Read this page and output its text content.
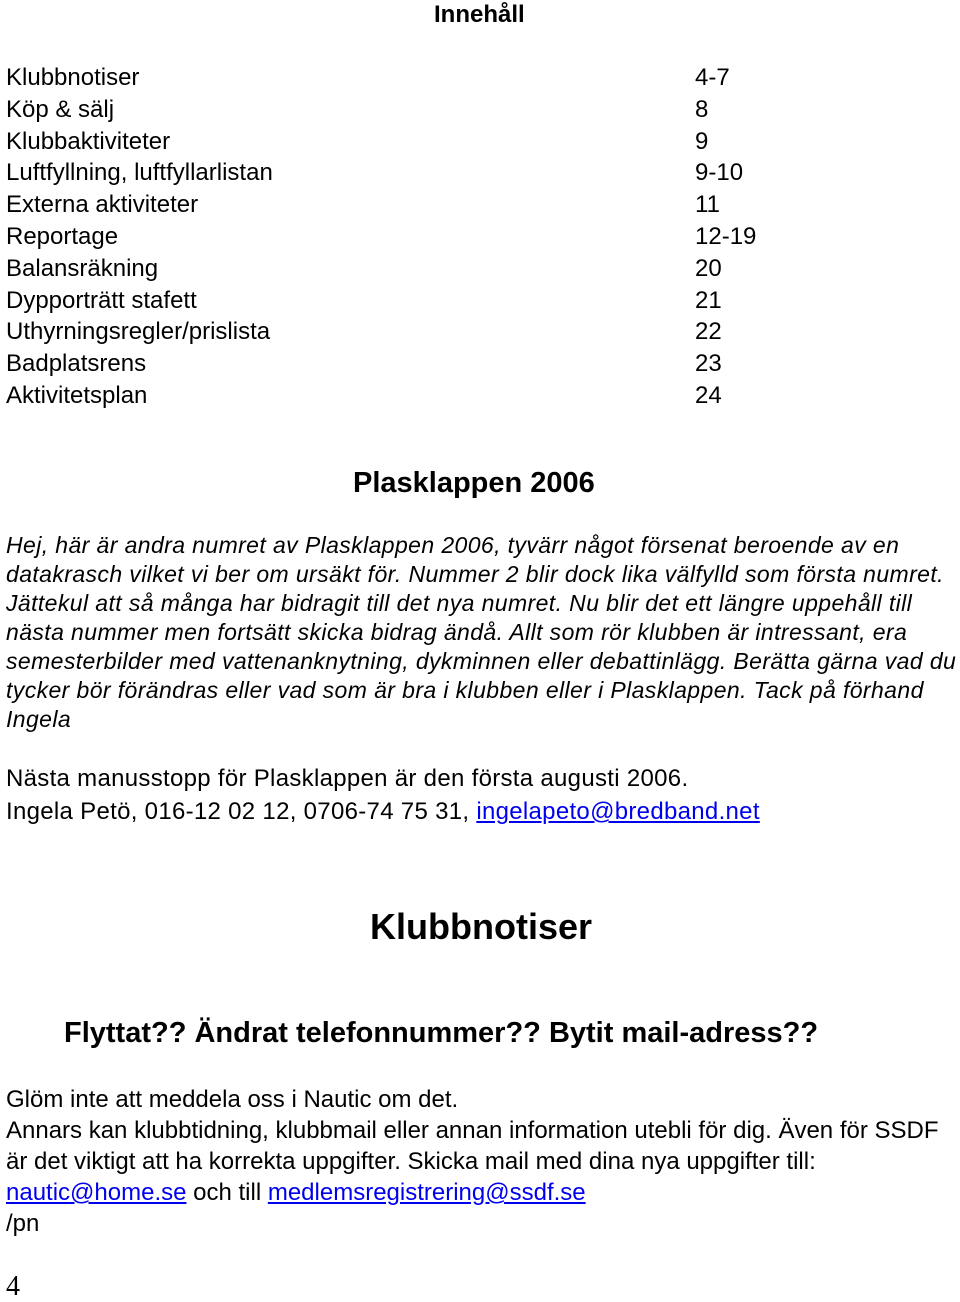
Innehåll
Klubbnotiser	4-7
Köp & sälj	8
Klubbaktiviteter	9
Luftfyllning, luftfyllarlistan	9-10
Externa aktiviteter	11
Reportage	12-19
Balansräkning	20
Dypporträtt stafett	21
Uthyrningsregler/prislista	22
Badplatsrens	23
Aktivitetsplan	24
Plasklappen 2006
Hej, här är andra numret av Plasklappen 2006, tyvärr något försenat beroende av en datakrasch vilket vi ber om ursäkt för. Nummer 2 blir dock lika välfylld som första numret. Jättekul att så många har bidragit till det nya numret. Nu blir det ett längre uppehåll till nästa nummer men fortsätt skicka bidrag ändå. Allt som rör klubben är intressant, era semesterbilder med vattenanknytning, dykminnen eller debattinlägg. Berätta gärna vad du tycker bör förändras eller vad som är bra i klubben eller i Plasklappen. Tack på förhand Ingela
Nästa manusstopp för Plasklappen är den första augusti 2006.
Ingela Petö, 016-12 02 12, 0706-74 75 31, ingelapeto@bredband.net
Klubbnotiser
Flyttat?? Ändrat telefonnummer?? Bytit mail-adress??

Glöm inte att meddela oss i Nautic om det.

Annars kan klubbtidning, klubbmail eller annan information utebli för dig. Även för SSDF är det viktigt att ha korrekta uppgifter. Skicka mail med dina nya uppgifter till:

nautic@home.se och till medlemsregistrering@ssdf.se

/pn

4
